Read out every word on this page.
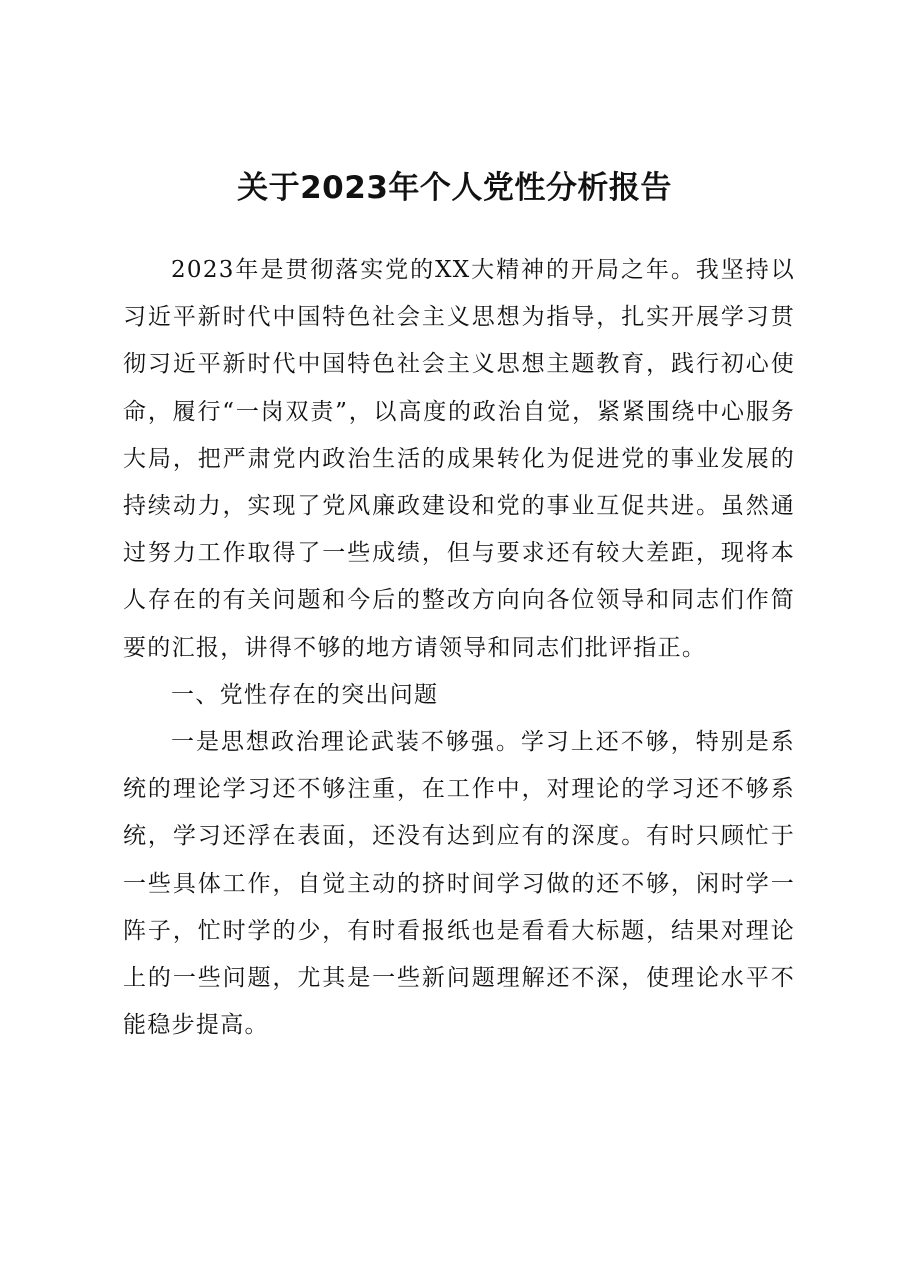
关于2023年个人党性分析报告

2023年是贯彻落实党的XX大精神的开局之年。我坚持以习近平新时代中国特色社会主义思想为指导，扎实开展学习贯彻习近平新时代中国特色社会主义思想主题教育，践行初心使命，履行“一岗双责”，以高度的政治自觉，紧紧围绕中心服务大局，把严肃党内政治生活的成果转化为促进党的事业发展的持续动力，实现了党风廉政建设和党的事业互促共进。虽然通过努力工作取得了一些成绩，但与要求还有较大差距，现将本人存在的有关问题和今后的整改方向向各位领导和同志们作简要的汇报，讲得不够的地方请领导和同志们批评指正。

一、党性存在的突出问题

一是思想政治理论武装不够强。学习上还不够，特别是系统的理论学习还不够注重，在工作中，对理论的学习还不够系统，学习还浮在表面，还没有达到应有的深度。有时只顾忙于一些具体工作，自觉主动的挤时间学习做的还不够，闲时学一阵子，忙时学的少，有时看报纸也是看看大标题，结果对理论上的一些问题，尤其是一些新问题理解还不深，使理论水平不能稳步提高。
